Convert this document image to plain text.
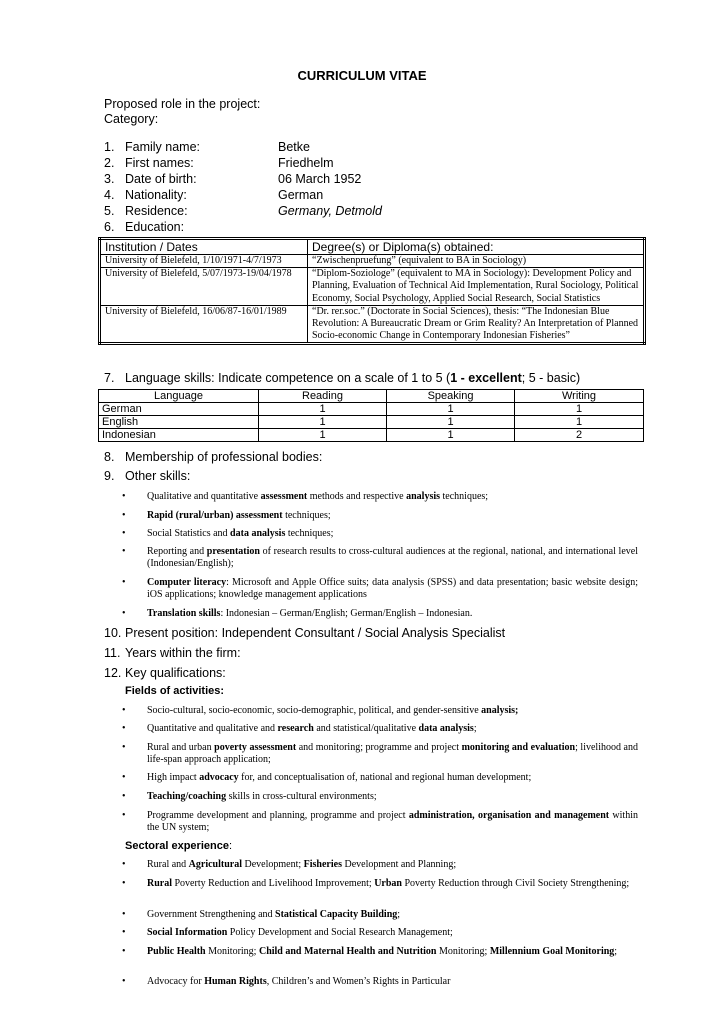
CURRICULUM VITAE
Proposed role in the project:
Category:
1. Family name:	Betke
2. First names:	Friedhelm
3. Date of birth:	06 March 1952
4. Nationality:	German
5. Residence:	Germany, Detmold
6. Education:
Institution / Dates	Degree(s) or Diploma(s) obtained:
University of Bielefeld, 1/10/1971-4/7/1973	“Zwischenpruefung” (equivalent to BA in Sociology)
University of Bielefeld, 5/07/1973-19/04/1978	“Diplom-Soziologe” (equivalent to MA in Sociology): Development Policy and Planning, Evaluation of Technical Aid Implementation, Rural Sociology, Political Economy, Social Psychology, Applied Social Research, Social Statistics
University of Bielefeld, 16/06/87-16/01/1989	“Dr. rer.soc.” (Doctorate in Social Sciences), thesis: “The Indonesian Blue Revolution: A Bureaucratic Dream or Grim Reality? An Interpretation of Planned Socio-economic Change in Contemporary Indonesian Fisheries”
7. Language skills: Indicate competence on a scale of 1 to 5 (1 - excellent; 5 - basic)
Language	Reading	Speaking	Writing
German	1	1	1
English	1	1	1
Indonesian	1	1	2
8. Membership of professional bodies:
9. Other skills:
• Qualitative and quantitative assessment methods and respective analysis techniques;
• Rapid (rural/urban) assessment techniques;
• Social Statistics and data analysis techniques;
• Reporting and presentation of research results to cross-cultural audiences at the regional, national, and international level (Indonesian/English);
• Computer literacy: Microsoft and Apple Office suits; data analysis (SPSS) and data presentation; basic website design; iOS applications; knowledge management applications
• Translation skills: Indonesian – German/English; German/English – Indonesian.
10. Present position: Independent Consultant / Social Analysis Specialist
11. Years within the firm:
12. Key qualifications:
Fields of activities:
• Socio-cultural, socio-economic, socio-demographic, political, and gender-sensitive analysis;
• Quantitative and qualitative and research and statistical/qualitative data analysis;
• Rural and urban poverty assessment and monitoring; programme and project monitoring and evaluation; livelihood and life-span approach application;
• High impact advocacy for, and conceptualisation of, national and regional human development;
• Teaching/coaching skills in cross-cultural environments;
• Programme development and planning, programme and project administration, organisation and management within the UN system;
Sectoral experience:
• Rural and Agricultural Development; Fisheries Development and Planning;
• Rural Poverty Reduction and Livelihood Improvement; Urban Poverty Reduction through Civil Society Strengthening;
• Government Strengthening and Statistical Capacity Building;
• Social Information Policy Development and Social Research Management;
• Public Health Monitoring; Child and Maternal Health and Nutrition Monitoring; Millennium Goal Monitoring;
• Advocacy for Human Rights, Children’s and Women’s Rights in Particular
